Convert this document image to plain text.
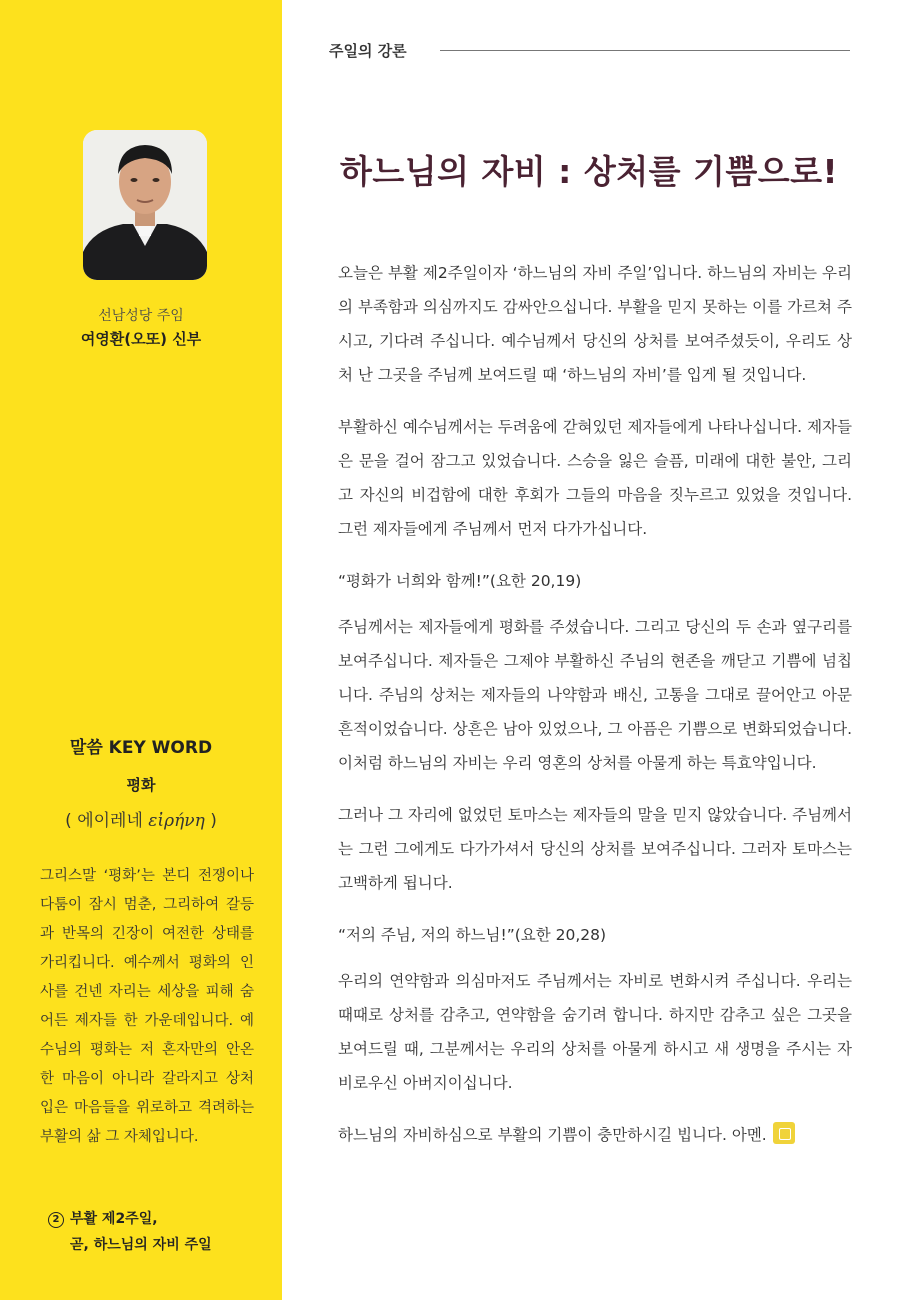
선남성당 주임
여영환(오또) 신부
말씀 KEY WORD
평화
( 에이레네 εἰρήνη )
그리스말 ‘평화’는 본디 전쟁이나 다툼이 잠시 멈춘, 그리하여 갈등과 반목의 긴장이 여전한 상태를 가리킵니다. 예수께서 평화의 인사를 건넨 자리는 세상을 피해 숨어든 제자들 한 가운데입니다. 예수님의 평화는 저 혼자만의 안온한 마음이 아니라 갈라지고 상처 입은 마음들을 위로하고 격려하는 부활의 삶 그 자체입니다.
2 부활 제2주일,
곧, 하느님의 자비 주일
주일의 강론
하느님의 자비 : 상처를 기쁨으로!

오늘은 부활 제2주일이자 ‘하느님의 자비 주일’입니다. 하느님의 자비는 우리의 부족함과 의심까지도 감싸안으십니다. 부활을 믿지 못하는 이를 가르쳐 주시고, 기다려 주십니다. 예수님께서 당신의 상처를 보여주셨듯이, 우리도 상처 난 그곳을 주님께 보여드릴 때 ‘하느님의 자비’를 입게 될 것입니다.

부활하신 예수님께서는 두려움에 갇혀있던 제자들에게 나타나십니다. 제자들은 문을 걸어 잠그고 있었습니다. 스승을 잃은 슬픔, 미래에 대한 불안, 그리고 자신의 비겁함에 대한 후회가 그들의 마음을 짓누르고 있었을 것입니다. 그런 제자들에게 주님께서 먼저 다가가십니다.

“평화가 너희와 함께!”(요한 20,19)

주님께서는 제자들에게 평화를 주셨습니다. 그리고 당신의 두 손과 옆구리를 보여주십니다. 제자들은 그제야 부활하신 주님의 현존을 깨닫고 기쁨에 넘칩니다. 주님의 상처는 제자들의 나약함과 배신, 고통을 그대로 끌어안고 아문 흔적이었습니다. 상흔은 남아 있었으나, 그 아픔은 기쁨으로 변화되었습니다. 이처럼 하느님의 자비는 우리 영혼의 상처를 아물게 하는 특효약입니다.

그러나 그 자리에 없었던 토마스는 제자들의 말을 믿지 않았습니다. 주님께서는 그런 그에게도 다가가셔서 당신의 상처를 보여주십니다. 그러자 토마스는 고백하게 됩니다.

“저의 주님, 저의 하느님!”(요한 20,28)

우리의 연약함과 의심마저도 주님께서는 자비로 변화시켜 주십니다. 우리는 때때로 상처를 감추고, 연약함을 숨기려 합니다. 하지만 감추고 싶은 그곳을 보여드릴 때, 그분께서는 우리의 상처를 아물게 하시고 새 생명을 주시는 자비로우신 아버지이십니다.

하느님의 자비하심으로 부활의 기쁨이 충만하시길 빕니다. 아멘.
